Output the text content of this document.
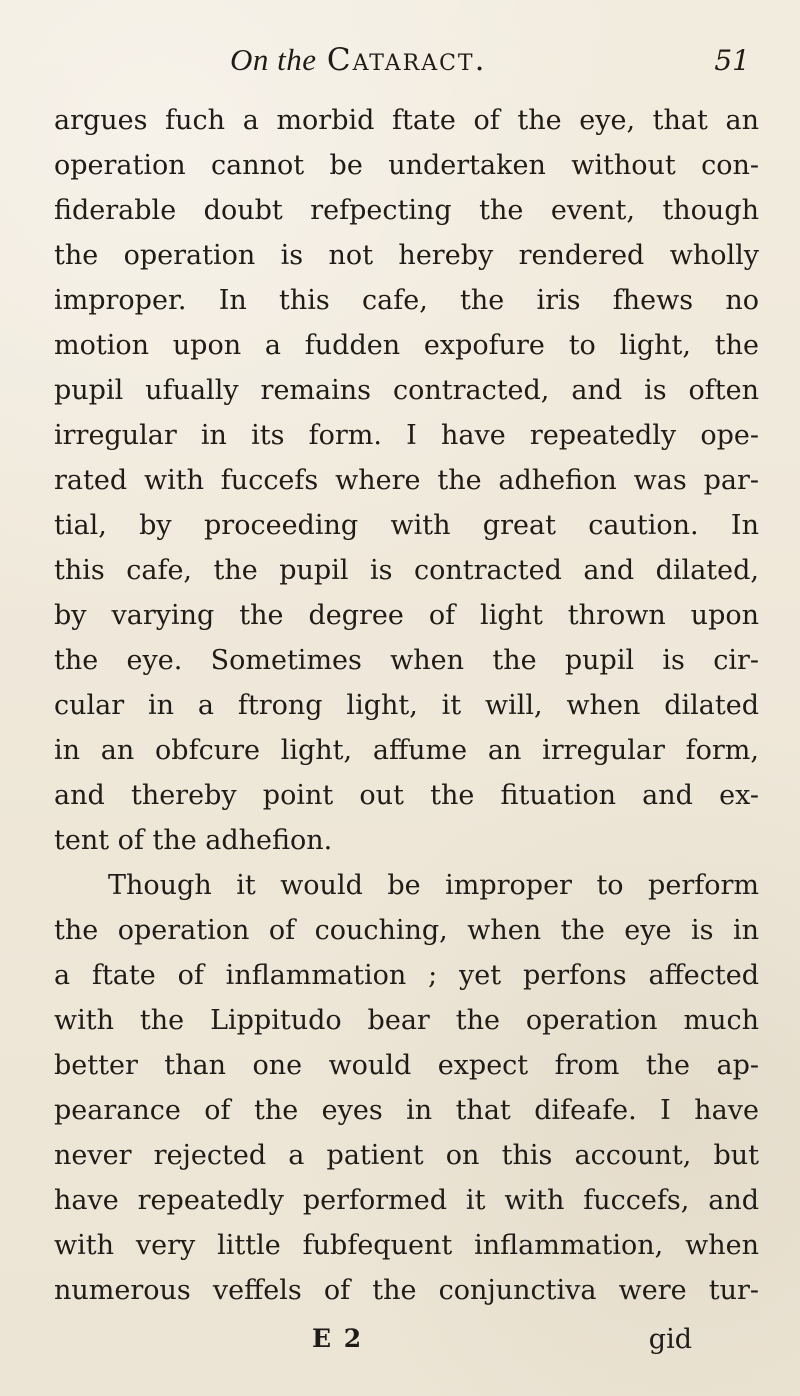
On the Cataract.	51
argues fuch a morbid ftate of the eye, that an
operation cannot be undertaken without con-
fiderable doubt refpecting the event, though
the operation is not hereby rendered wholly
improper. In this cafe, the iris fhews no
motion upon a fudden expofure to light, the
pupil ufually remains contracted, and is often
irregular in its form. I have repeatedly ope-
rated with fuccefs where the adhefion was par-
tial, by proceeding with great caution. In
this cafe, the pupil is contracted and dilated,
by varying the degree of light thrown upon
the eye. Sometimes when the pupil is cir-
cular in a ftrong light, it will, when dilated
in an obfcure light, affume an irregular form,
and thereby point out the fituation and ex-
tent of the adhefion.
Though it would be improper to perform
the operation of couching, when the eye is in
a ftate of inflammation ; yet perfons affected
with the Lippitudo bear the operation much
better than one would expect from the ap-
pearance of the eyes in that difeafe. I have
never rejected a patient on this account, but
have repeatedly performed it with fuccefs, and
with very little fubfequent inflammation, when
numerous veffels of the conjunctiva were tur-
E 2	gid
